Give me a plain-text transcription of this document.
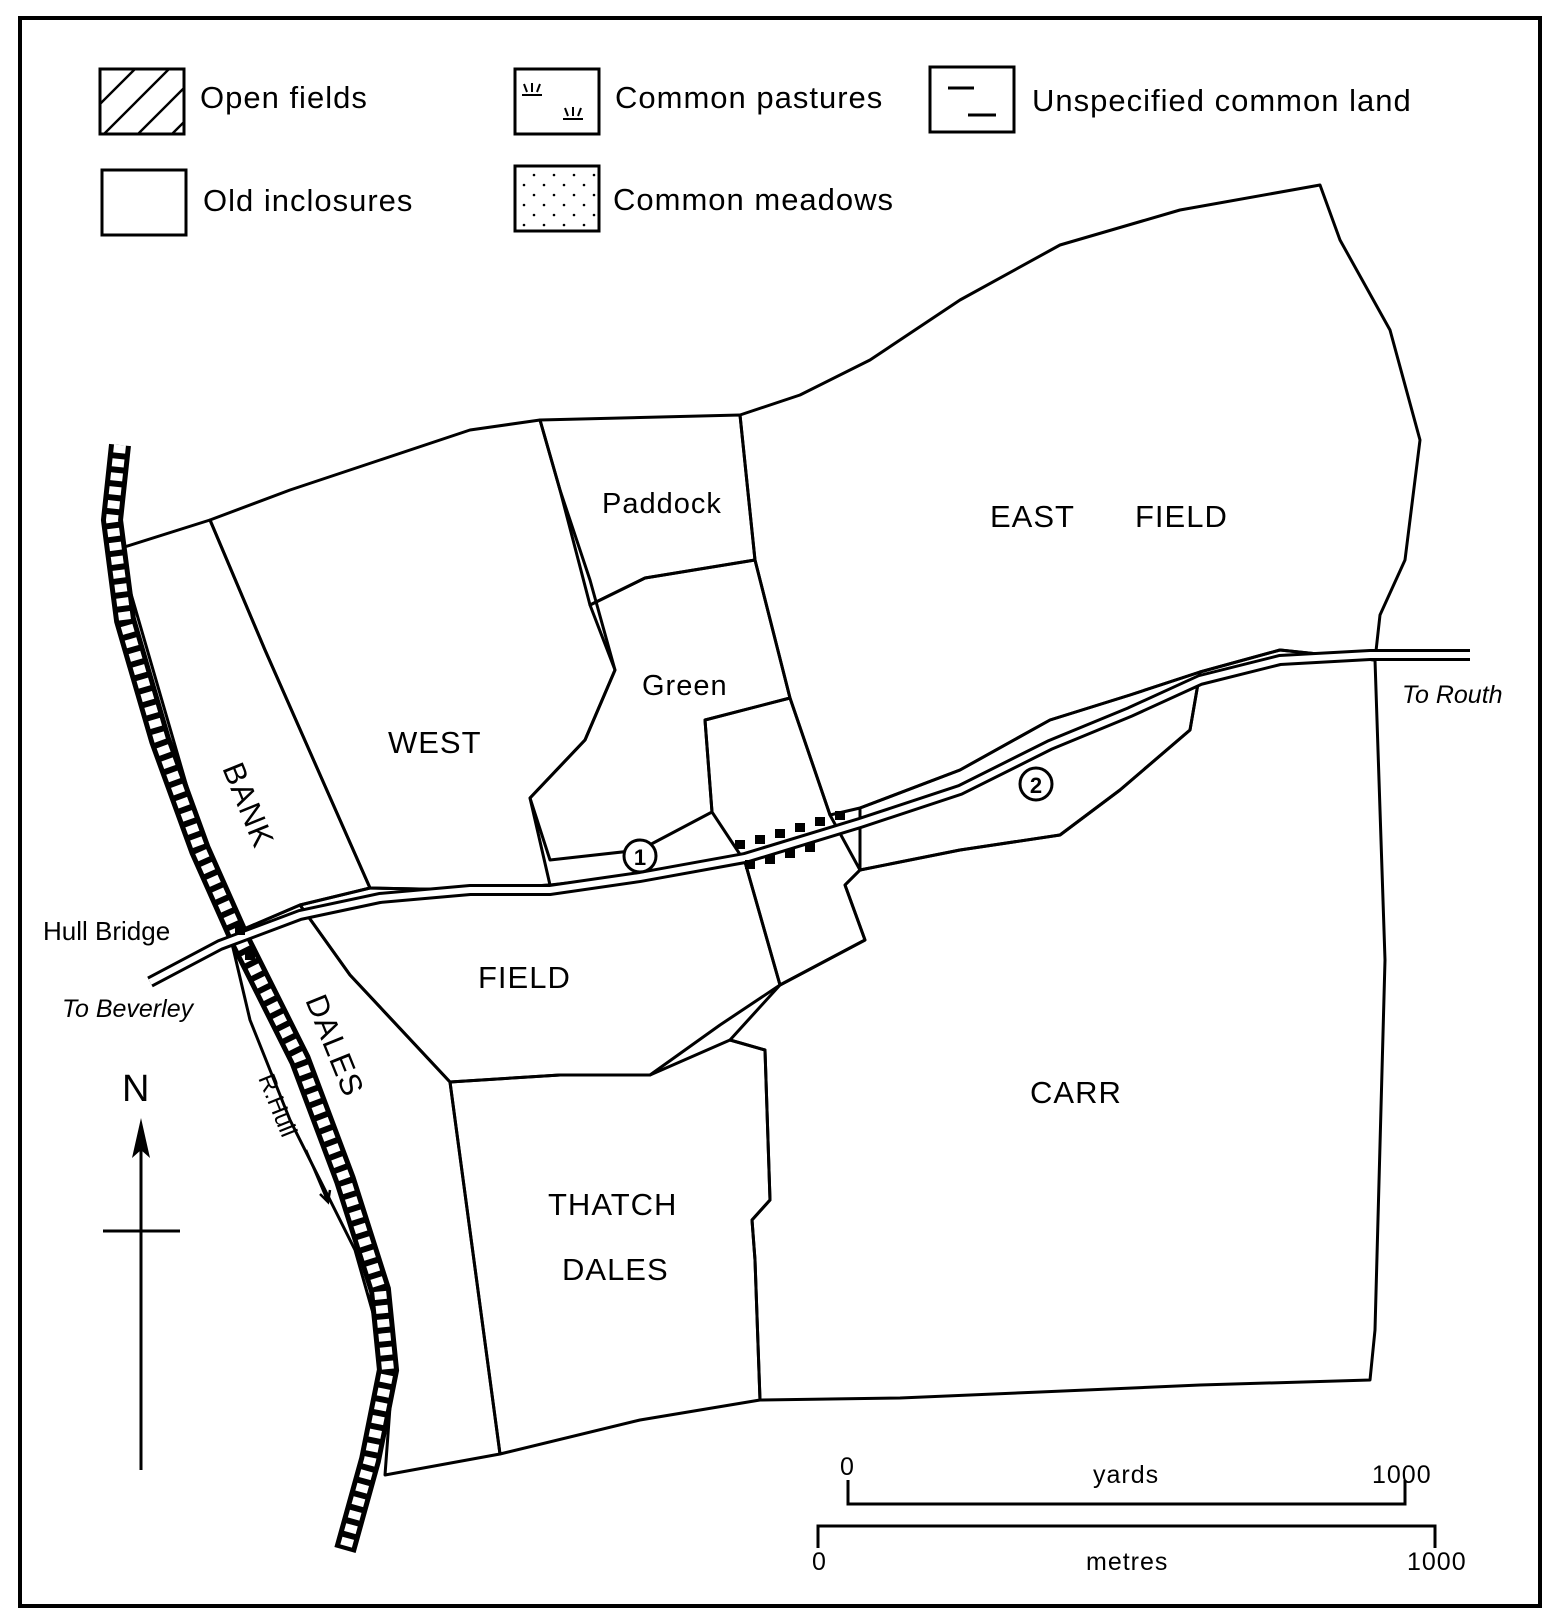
Open fields	Common pastures	Unspecified common land
Old inclosures	Common meadows
1
2
Paddock	EAST FIELD
Green
WEST
FIELD
BANK
DALES	CARR
THATCH
DALES
Hull Bridge
To Beverley
To Routh
R.Hull
N
0	yards	1000
0	metres	1000
